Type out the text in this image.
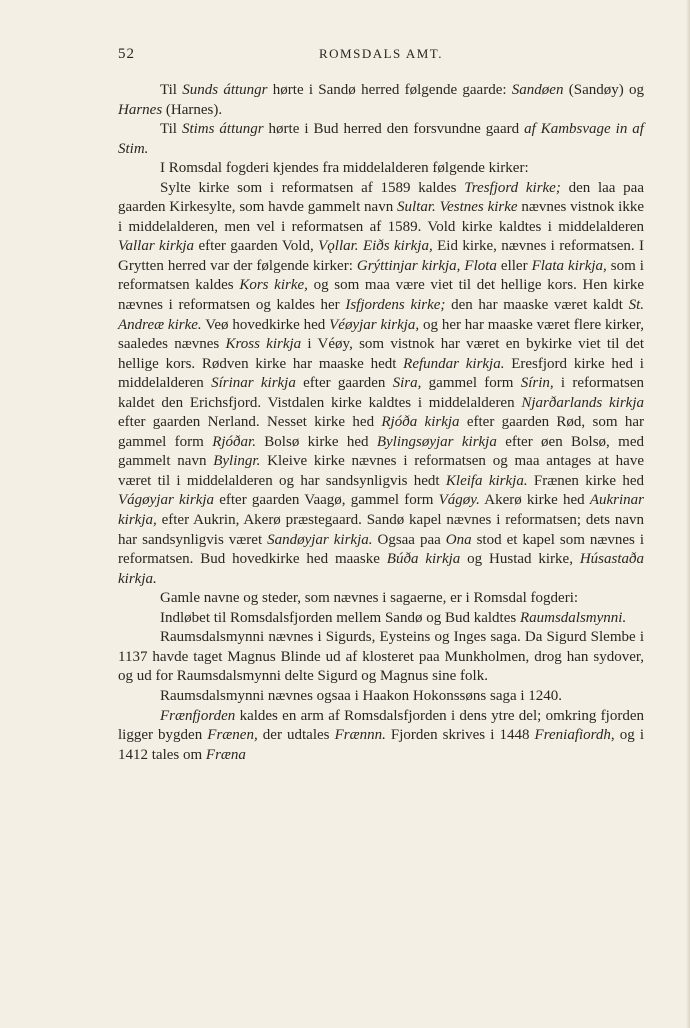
52	ROMSDALS AMT.

Til Sunds áttungr hørte i Sandø herred følgende gaarde: Sandøen (Sandøy) og Harnes (Harnes).

Til Stims áttungr hørte i Bud herred den forsvundne gaard af Kambsvage in af Stim.

I Romsdal fogderi kjendes fra middelalderen følgende kirker:

Sylte kirke som i reformatsen af 1589 kaldes Tresfjord kirke; den laa paa gaarden Kirkesylte, som havde gammelt navn Sultar. Vestnes kirke nævnes vistnok ikke i middelalderen, men vel i reformatsen af 1589. Vold kirke kaldtes i middelalderen Vallar kirkja efter gaarden Vold, Vǫllar. Eiðs kirkja, Eid kirke, nævnes i reformatsen. I Grytten herred var der følgende kirker: Grýttinjar kirkja, Flota eller Flata kirkja, som i reformatsen kaldes Kors kirke, og som maa være viet til det hellige kors. Hen kirke nævnes i reformatsen og kaldes her Isfjordens kirke; den har maaske været kaldt St. Andreæ kirke. Veø hovedkirke hed Véøyjar kirkja, og her har maaske været flere kirker, saaledes nævnes Kross kirkja i Véøy, som vistnok har været en bykirke viet til det hellige kors. Rødven kirke har maaske hedt Refundar kirkja. Eresfjord kirke hed i middelalderen Sírinar kirkja efter gaarden Sira, gammel form Sírin, i reformatsen kaldet den Erichsfjord. Vistdalen kirke kaldtes i middelalderen Njarðarlands kirkja efter gaarden Nerland. Nesset kirke hed Rjóða kirkja efter gaarden Rød, som har gammel form Rjóðar. Bolsø kirke hed Bylingsøyjar kirkja efter øen Bolsø, med gammelt navn Bylingr. Kleive kirke nævnes i reformatsen og maa antages at have været til i middelalderen og har sandsynligvis hedt Kleifa kirkja. Frænen kirke hed Vágøyjar kirkja efter gaarden Vaagø, gammel form Vágøy. Akerø kirke hed Aukrinar kirkja, efter Aukrin, Akerø præstegaard. Sandø kapel nævnes i reformatsen; dets navn har sandsynligvis været Sandøyjar kirkja. Ogsaa paa Ona stod et kapel som nævnes i reformatsen. Bud hovedkirke hed maaske Búða kirkja og Hustad kirke, Húsastaða kirkja.

Gamle navne og steder, som nævnes i sagaerne, er i Romsdal fogderi:

Indløbet til Romsdalsfjorden mellem Sandø og Bud kaldtes Raumsdalsmynni.

Raumsdalsmynni nævnes i Sigurds, Eysteins og Inges saga. Da Sigurd Slembe i 1137 havde taget Magnus Blinde ud af klosteret paa Munkholmen, drog han sydover, og ud for Raumsdalsmynni delte Sigurd og Magnus sine folk.

Raumsdalsmynni nævnes ogsaa i Haakon Hokonssøns saga i 1240.

Frænfjorden kaldes en arm af Romsdalsfjorden i dens ytre del; omkring fjorden ligger bygden Frænen, der udtales Frænnn. Fjorden skrives i 1448 Freniafiordh, og i 1412 tales om Fræna
